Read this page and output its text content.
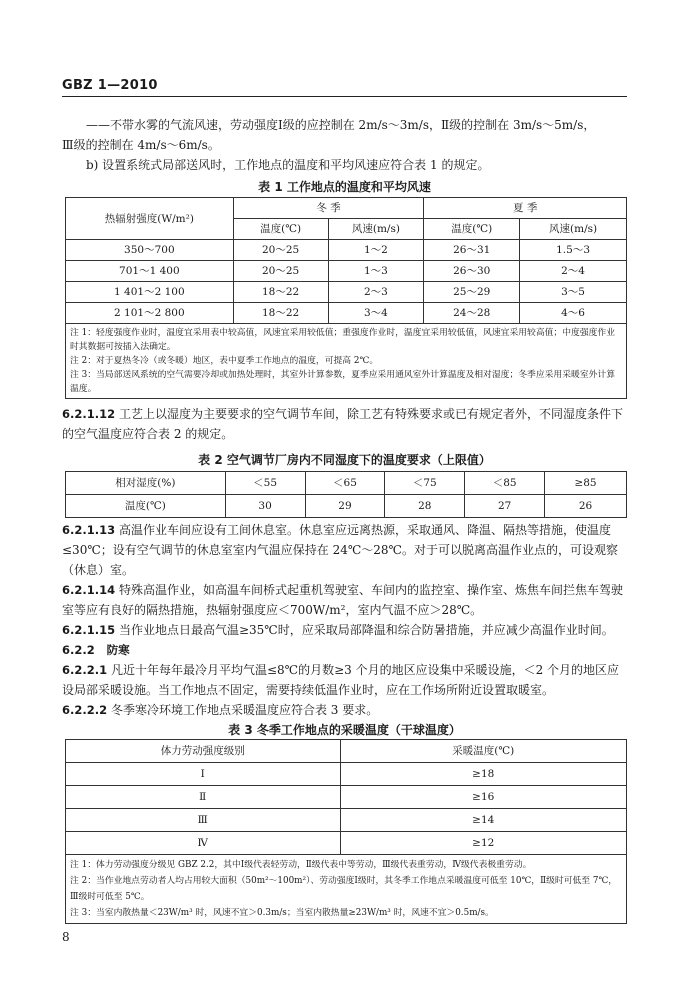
GBZ 1—2010
——不带水雾的气流风速，劳动强度Ⅰ级的应控制在 2m/s～3m/s，Ⅱ级的控制在 3m/s～5m/s，
Ⅲ级的控制在 4m/s～6m/s。
b) 设置系统式局部送风时，工作地点的温度和平均风速应符合表 1 的规定。
表 1 工作地点的温度和平均风速
热辐射强度(W/m²)	冬 季		夏 季	
	温度(℃)	风速(m/s)	温度(℃)	风速(m/s)
350～700	20～25	1～2	26～31	1.5～3
701～1 400	20～25	1～3	26～30	2～4
1 401～2 100	18～22	2～3	25～29	3～5
2 101～2 800	18～22	3～4	24～28	4～6

注 1：轻度强度作业时，温度宜采用表中较高值，风速宜采用较低值；重强度作业时，温度宜采用较低值，风速宜采用较高值；中度强度作业时其数据可按插入法确定。
注 2：对于夏热冬冷（或冬暖）地区，表中夏季工作地点的温度，可提高 2℃。
注 3：当局部送风系统的空气需要冷却或加热处理时，其室外计算参数，夏季应采用通风室外计算温度及相对湿度；冬季应采用采暖室外计算温度。				
6.2.1.12 工艺上以湿度为主要要求的空气调节车间，除工艺有特殊要求或已有规定者外，不同湿度条件下的空气温度应符合表 2 的规定。
表 2 空气调节厂房内不同湿度下的温度要求（上限值）
相对湿度(%)	＜55	＜65	＜75	＜85	≥85
温度(℃)	30	29	28	27	26
6.2.1.13 高温作业车间应设有工间休息室。休息室应远离热源，采取通风、降温、隔热等措施，使温度≤30℃；设有空气调节的休息室室内气温应保持在 24℃～28℃。对于可以脱离高温作业点的，可设观察（休息）室。
6.2.1.14 特殊高温作业，如高温车间桥式起重机驾驶室、车间内的监控室、操作室、炼焦车间拦焦车驾驶室等应有良好的隔热措施，热辐射强度应＜700W/m²，室内气温不应＞28℃。
6.2.1.15 当作业地点日最高气温≥35℃时，应采取局部降温和综合防暑措施，并应减少高温作业时间。
6.2.2 防寒
6.2.2.1 凡近十年每年最冷月平均气温≤8℃的月数≥3 个月的地区应设集中采暖设施，＜2 个月的地区应设局部采暖设施。当工作地点不固定，需要持续低温作业时，应在工作场所附近设置取暖室。
6.2.2.2 冬季寒冷环境工作地点采暖温度应符合表 3 要求。
表 3 冬季工作地点的采暖温度（干球温度）
体力劳动强度级别	采暖温度(℃)
Ⅰ	≥18
Ⅱ	≥16
Ⅲ	≥14
Ⅳ	≥12

注 1：体力劳动强度分级见 GBZ 2.2，其中Ⅰ级代表轻劳动，Ⅱ级代表中等劳动，Ⅲ级代表重劳动，Ⅳ级代表极重劳动。
注 2：当作业地点劳动者人均占用较大面积（50m²～100m²）、劳动强度Ⅰ级时，其冬季工作地点采暖温度可低至 10℃，Ⅱ级时可低至 7℃，Ⅲ级时可低至 5℃。
注 3：当室内散热量＜23W/m³ 时，风速不宜＞0.3m/s；当室内散热量≥23W/m³ 时，风速不宜＞0.5m/s。	
8
